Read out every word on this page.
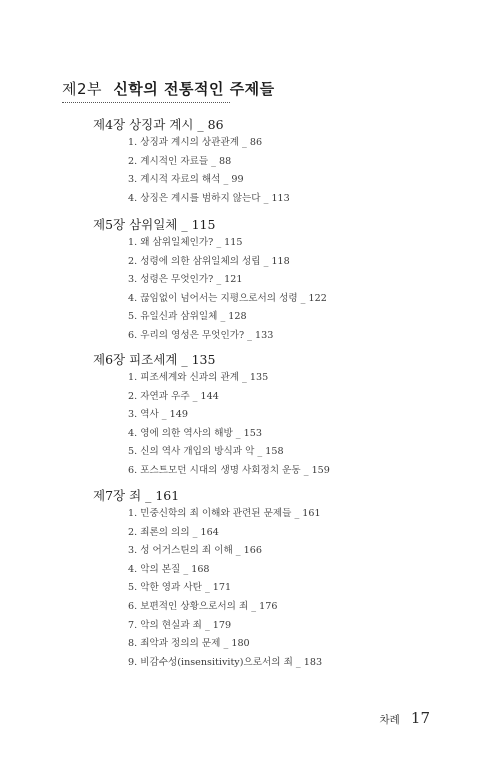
제2부 신학의 전통적인 주제들
제4장 상징과 계시 _ 86
1. 상징과 계시의 상관관계 _ 86
2. 계시적인 자료들 _ 88
3. 계시적 자료의 해석 _ 99
4. 상징은 계시를 범하지 않는다 _ 113
제5장 삼위일체 _ 115
1. 왜 삼위일체인가? _ 115
2. 성령에 의한 삼위일체의 성립 _ 118
3. 성령은 무엇인가? _ 121
4. 끊임없이 넘어서는 지평으로서의 성령 _ 122
5. 유일신과 삼위일체 _ 128
6. 우리의 영성은 무엇인가? _ 133
제6장 피조세계 _ 135
1. 피조세계와 신과의 관계 _ 135
2. 자연과 우주 _ 144
3. 역사 _ 149
4. 영에 의한 역사의 해방 _ 153
5. 신의 역사 개입의 방식과 악 _ 158
6. 포스트모던 시대의 생명 사회정치 운동 _ 159
제7장 죄 _ 161
1. 민중신학의 죄 이해와 관련된 문제들 _ 161
2. 죄론의 의의 _ 164
3. 성 어거스틴의 죄 이해 _ 166
4. 악의 본질 _ 168
5. 악한 영과 사탄 _ 171
6. 보편적인 상황으로서의 죄 _ 176
7. 악의 현실과 죄 _ 179
8. 죄악과 정의의 문제 _ 180
9. 비감수성(insensitivity)으로서의 죄 _ 183
차례 17
